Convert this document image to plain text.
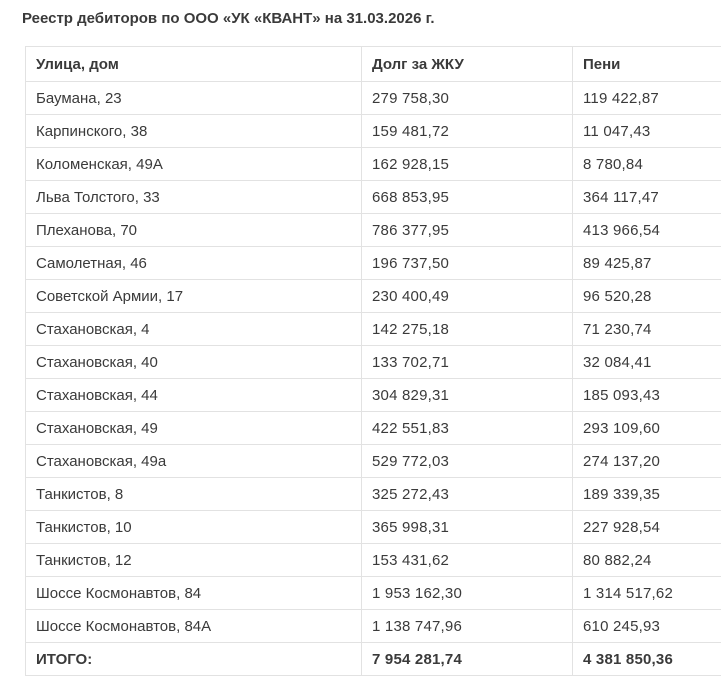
Реестр дебиторов по ООО «УК «КВАНТ» на 31.03.2026 г.
Улица, дом	Долг за ЖКУ	Пени
Баумана, 23	279 758,30	119 422,87
Карпинского, 38	159 481,72	11 047,43
Коломенская, 49А	162 928,15	8 780,84
Льва Толстого, 33	668 853,95	364 117,47
Плеханова, 70	786 377,95	413 966,54
Самолетная, 46	196 737,50	89 425,87
Советской Армии, 17	230 400,49	96 520,28
Стахановская, 4	142 275,18	71 230,74
Стахановская, 40	133 702,71	32 084,41
Стахановская, 44	304 829,31	185 093,43
Стахановская, 49	422 551,83	293 109,60
Стахановская, 49а	529 772,03	274 137,20
Танкистов, 8	325 272,43	189 339,35
Танкистов, 10	365 998,31	227 928,54
Танкистов, 12	153 431,62	80 882,24
Шоссе Космонавтов, 84	1 953 162,30	1 314 517,62
Шоссе Космонавтов, 84А	1 138 747,96	610 245,93
ИТОГО:	7 954 281,74	4 381 850,36
